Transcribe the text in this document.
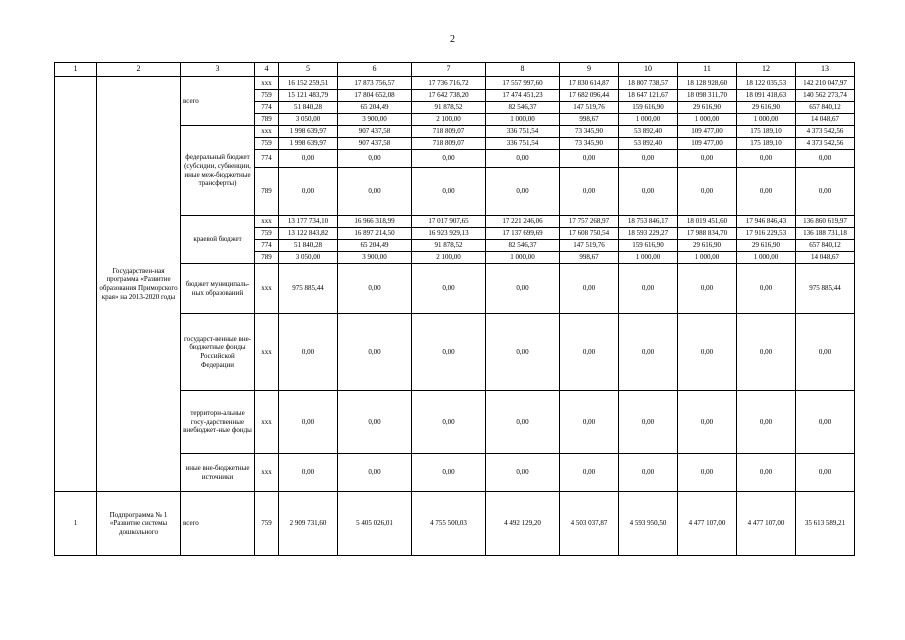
2
1	2	3	4	5	6	7	8	9	10	11	12	13
	Государствен-ная программа «Развитие образования Приморского края» на 2013-2020 годы	всего	xxx	16 152 259,51	17 873 756,57	17 736 716,72	17 557 997,60	17 830 614,87	18 807 738,57	18 128 928,60	18 122 035,53	142 210 047,97
			759	15 121 483,79	17 804 652,08	17 642 738,20	17 474 451,23	17 682 096,44	18 647 121,67	18 098 311,70	18 091 418,63	140 562 273,74
			774	51 840,28	65 204,49	91 878,52	82 546,37	147 519,76	159 616,90	29 616,90	29 616,90	657 840,12
			789	3 050,00	3 900,00	2 100,00	1 000,00	998,67	1 000,00	1 000,00	1 000,00	14 048,67
		федеральный бюджет (субсидии, субвенции, иные меж-бюджетные трансферты)	xxx	1 998 639,97	907 437,58	718 809,07	336 751,54	73 345,90	53 892,40	109 477,00	175 189,10	4 373 542,56
			759	1 998 639,97	907 437,58	718 809,07	336 751,54	73 345,90	53 892,40	109 477,00	175 189,10	4 373 542,56
			774	0,00	0,00	0,00	0,00	0,00	0,00	0,00	0,00	0,00
			789	0,00	0,00	0,00	0,00	0,00	0,00	0,00	0,00	0,00
		краевой бюджет	xxx	13 177 734,10	16 966 318,99	17 017 907,65	17 221 246,06	17 757 268,97	18 753 846,17	18 019 451,60	17 946 846,43	136 860 619,97
			759	13 122 843,82	16 897 214,50	16 923 929,13	17 137 699,69	17 608 750,54	18 593 229,27	17 988 834,70	17 916 229,53	136 188 731,18
			774	51 840,28	65 204,49	91 878,52	82 546,37	147 519,76	159 616,90	29 616,90	29 616,90	657 840,12
			789	3 050,00	3 900,00	2 100,00	1 000,00	998,67	1 000,00	1 000,00	1 000,00	14 048,67
		бюджет муниципаль-ных образований	xxx	975 885,44	0,00	0,00	0,00	0,00	0,00	0,00	0,00	975 885,44
		государст-венные вне-бюджетные фонды Российской Федерации	xxx	0,00	0,00	0,00	0,00	0,00	0,00	0,00	0,00	0,00
		территори-альные госу-дарственные внебюджет-ные фонды	xxx	0,00	0,00	0,00	0,00	0,00	0,00	0,00	0,00	0,00
		иные вне-бюджетные источники	xxx	0,00	0,00	0,00	0,00	0,00	0,00	0,00	0,00	0,00
1	Подпрограмма № 1 «Развитие системы дошкольного	всего	759	2 909 731,60	5 405 026,01	4 755 500,03	4 492 129,20	4 503 037,87	4 593 950,50	4 477 107,00	4 477 107,00	35 613 589,21
